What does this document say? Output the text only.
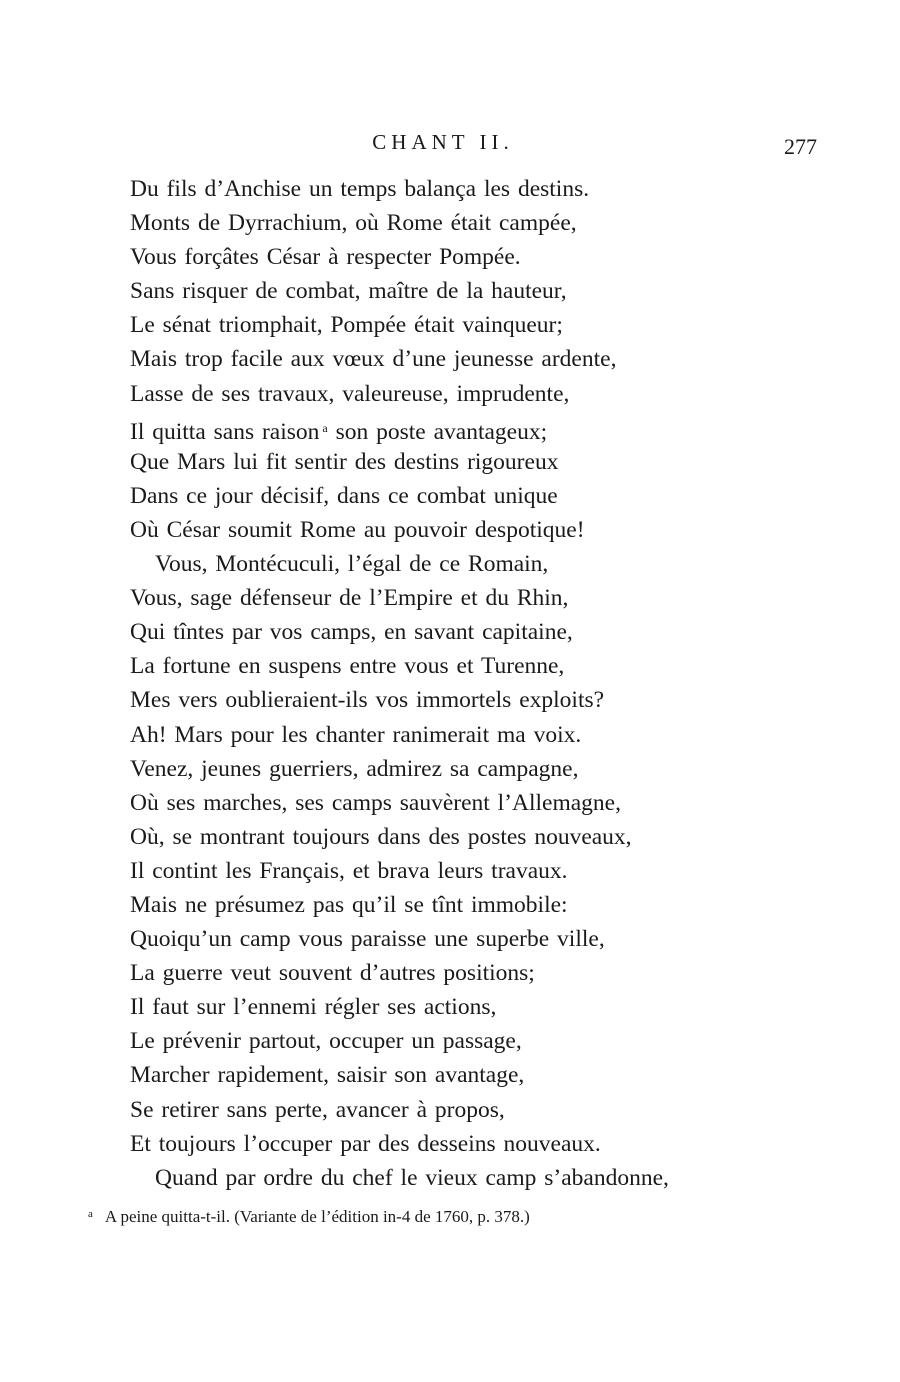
CHANT II.	277
Du fils d’Anchise un temps balança les destins.
Monts de Dyrrachium, où Rome était campée,
Vous forçâtes César à respecter Pompée.
Sans risquer de combat, maître de la hauteur,
Le sénat triomphait, Pompée était vainqueur;
Mais trop facile aux vœux d’une jeunesse ardente,
Lasse de ses travaux, valeureuse, imprudente,
Il quitta sans raison $^a$ son poste avantageux;
Que Mars lui fit sentir des destins rigoureux
Dans ce jour décisif, dans ce combat unique
Où César soumit Rome au pouvoir despotique!
Vous, Montécuculi, l’égal de ce Romain,
Vous, sage défenseur de l’Empire et du Rhin,
Qui tîntes par vos camps, en savant capitaine,
La fortune en suspens entre vous et Turenne,
Mes vers oublieraient-ils vos immortels exploits?
Ah! Mars pour les chanter ranimerait ma voix.
Venez, jeunes guerriers, admirez sa campagne,
Où ses marches, ses camps sauvèrent l’Allemagne,
Où, se montrant toujours dans des postes nouveaux,
Il contint les Français, et brava leurs travaux.
Mais ne présumez pas qu’il se tînt immobile:
Quoiqu’un camp vous paraisse une superbe ville,
La guerre veut souvent d’autres positions;
Il faut sur l’ennemi régler ses actions,
Le prévenir partout, occuper un passage,
Marcher rapidement, saisir son avantage,
Se retirer sans perte, avancer à propos,
Et toujours l’occuper par des desseins nouveaux.
Quand par ordre du chef le vieux camp s’abandonne,
$^a$ A peine quitta-t-il. (Variante de l’édition in-4 de 1760, p. 378.)
